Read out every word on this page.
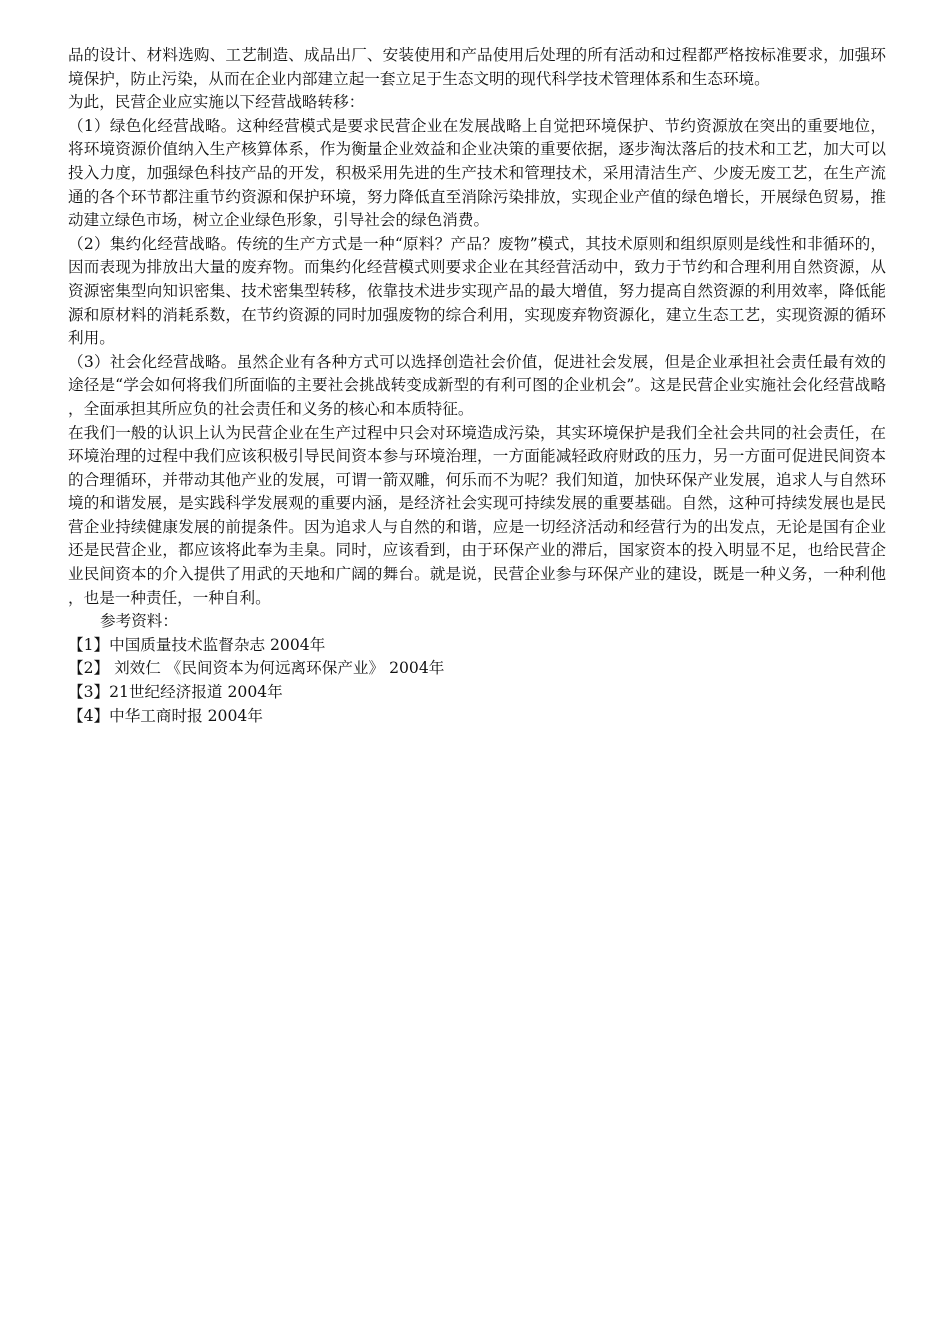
品的设计、材料选购、工艺制造、成品出厂、安装使用和产品使用后处理的所有活动和过程都严格按标准要求，加强环境保护，防止污染，从而在企业内部建立起一套立足于生态文明的现代科学技术管理体系和生态环境。

为此，民营企业应实施以下经营战略转移：

（1）绿色化经营战略。这种经营模式是要求民营企业在发展战略上自觉把环境保护、节约资源放在突出的重要地位，将环境资源价值纳入生产核算体系，作为衡量企业效益和企业决策的重要依据，逐步淘汰落后的技术和工艺，加大可以投入力度，加强绿色科技产品的开发，积极采用先进的生产技术和管理技术，采用清洁生产、少废无废工艺，在生产流通的各个环节都注重节约资源和保护环境，努力降低直至消除污染排放，实现企业产值的绿色增长，开展绿色贸易，推动建立绿色市场，树立企业绿色形象，引导社会的绿色消费。

（2）集约化经营战略。传统的生产方式是一种“原料？产品？废物”模式，其技术原则和组织原则是线性和非循环的，因而表现为排放出大量的废弃物。而集约化经营模式则要求企业在其经营活动中，致力于节约和合理利用自然资源，从资源密集型向知识密集、技术密集型转移，依靠技术进步实现产品的最大增值，努力提高自然资源的利用效率，降低能源和原材料的消耗系数，在节约资源的同时加强废物的综合利用，实现废弃物资源化，建立生态工艺，实现资源的循环利用。

（3）社会化经营战略。虽然企业有各种方式可以选择创造社会价值，促进社会发展，但是企业承担社会责任最有效的途径是“学会如何将我们所面临的主要社会挑战转变成新型的有利可图的企业机会”。这是民营企业实施社会化经营战略，全面承担其所应负的社会责任和义务的核心和本质特征。

在我们一般的认识上认为民营企业在生产过程中只会对环境造成污染，其实环境保护是我们全社会共同的社会责任，在环境治理的过程中我们应该积极引导民间资本参与环境治理，一方面能减轻政府财政的压力，另一方面可促进民间资本的合理循环，并带动其他产业的发展，可谓一箭双雕，何乐而不为呢？我们知道，加快环保产业发展，追求人与自然环境的和谐发展，是实践科学发展观的重要内涵，是经济社会实现可持续发展的重要基础。自然，这种可持续发展也是民营企业持续健康发展的前提条件。因为追求人与自然的和谐，应是一切经济活动和经营行为的出发点，无论是国有企业还是民营企业，都应该将此奉为圭臬。同时，应该看到，由于环保产业的滞后，国家资本的投入明显不足，也给民营企业民间资本的介入提供了用武的天地和广阔的舞台。就是说，民营企业参与环保产业的建设，既是一种义务，一种利他，也是一种责任，一种自利。

参考资料：

【1】中国质量技术监督杂志 2004年

【2】 刘效仁 《民间资本为何远离环保产业》 2004年

【3】21世纪经济报道 2004年

【4】中华工商时报 2004年
